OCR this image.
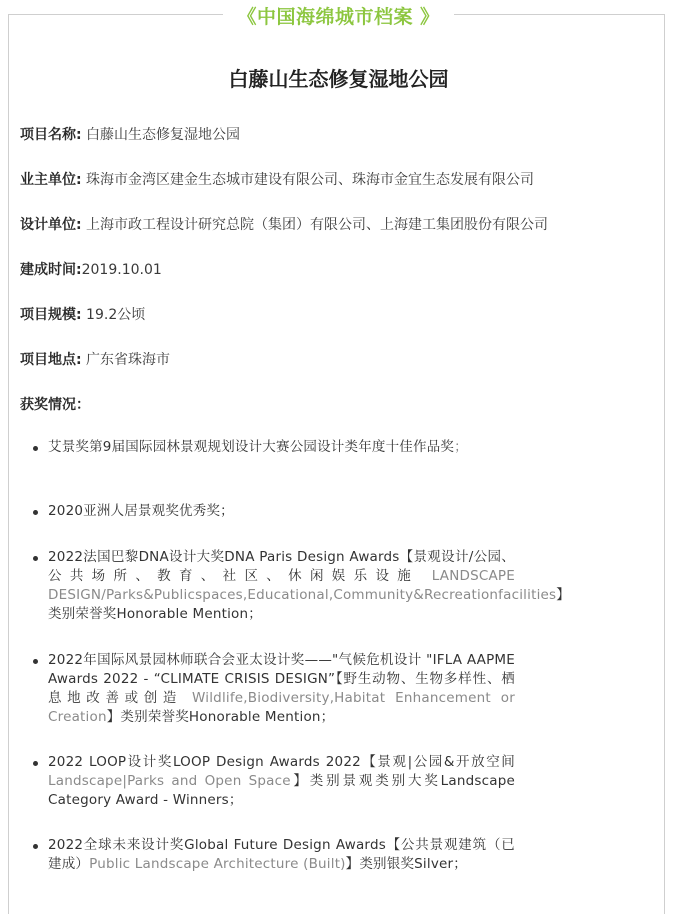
《中国海绵城市档案 》
白藤山生态修复湿地公园
项目名称: 白藤山生态修复湿地公园
业主单位: 珠海市金湾区建金生态城市建设有限公司、珠海市金宜生态发展有限公司
设计单位: 上海市政工程设计研究总院（集团）有限公司、上海建工集团股份有限公司
建成时间:2019.10.01
项目规模: 19.2公顷
项目地点: 广东省珠海市
获奖情况：
艾景奖第9届国际园林景观规划设计大赛公园设计类年度十佳作品奖；
2020亚洲人居景观奖优秀奖；
2022法国巴黎DNA设计大奖DNA Paris Design Awards【景观设计/公园、公共场所、教育、社区、休闲娱乐设施 LANDSCAPE DESIGN/Parks&Publicspaces,Educational,Community&Recreationfacilities】类别荣誉奖Honorable Mention；
2022年国际风景园林师联合会亚太设计奖——"气候危机设计 "IFLA AAPME Awards 2022 - “CLIMATE CRISIS DESIGN”【野生动物、生物多样性、栖息地改善或创造 Wildlife,Biodiversity,Habitat Enhancement or Creation】类别荣誉奖Honorable Mention；
2022 LOOP设计奖LOOP Design Awards 2022【景观|公园&开放空间 Landscape|Parks and Open Space】类别景观类别大奖Landscape Category Award - Winners；
2022全球未来设计奖Global Future Design Awards【公共景观建筑（已建成）Public Landscape Architecture (Built)】类别银奖Silver；
